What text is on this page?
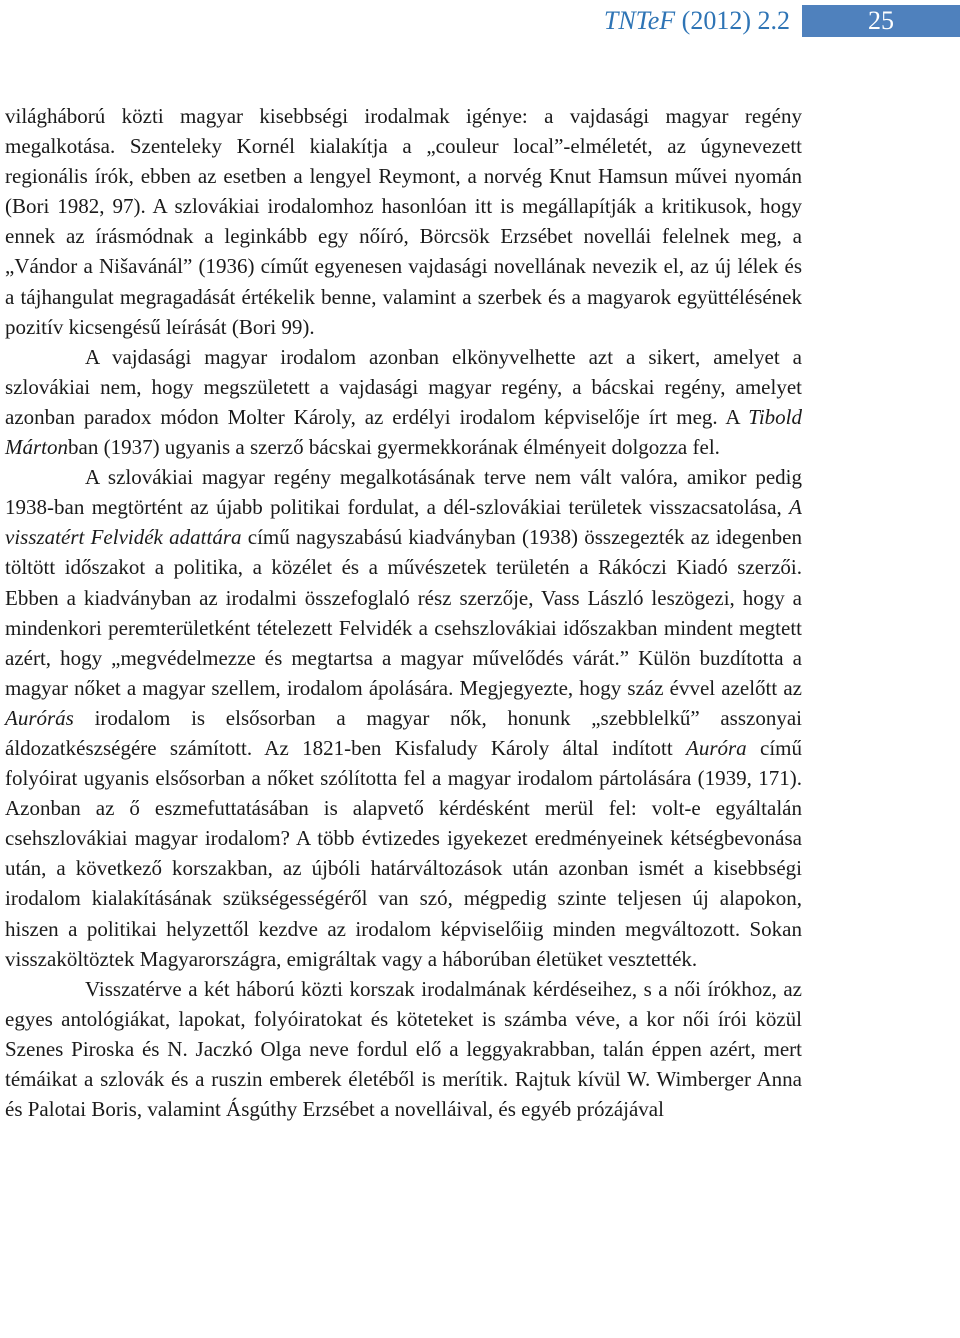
TNTeF (2012) 2.2	25

világháború közti magyar kisebbségi irodalmak igénye: a vajdasági magyar regény megalkotása. Szenteleky Kornél kialakítja a „couleur local”-elméletét, az úgynevezett regionális írók, ebben az esetben a lengyel Reymont, a norvég Knut Hamsun művei nyomán (Bori 1982, 97). A szlovákiai irodalomhoz hasonlóan itt is megállapítják a kritikusok, hogy ennek az írásmódnak a leginkább egy nőíró, Börcsök Erzsébet novellái felelnek meg, a „Vándor a Nišavánál” (1936) címűt egyenesen vajdasági novellának nevezik el, az új lélek és a tájhangulat megragadását értékelik benne, valamint a szerbek és a magyarok együttélésének pozitív kicsengésű leírását (Bori 99).

A vajdasági magyar irodalom azonban elkönyvelhette azt a sikert, amelyet a szlovákiai nem, hogy megszületett a vajdasági magyar regény, a bácskai regény, amelyet azonban paradox módon Molter Károly, az erdélyi irodalom képviselője írt meg. A Tibold Mártonban (1937) ugyanis a szerző bácskai gyermekkorának élményeit dolgozza fel.

A szlovákiai magyar regény megalkotásának terve nem vált valóra, amikor pedig 1938-ban megtörtént az újabb politikai fordulat, a dél-szlovákiai területek visszacsatolása, A visszatért Felvidék adattára című nagyszabású kiadványban (1938) összegezték az idegenben töltött időszakot a politika, a közélet és a művészetek területén a Rákóczi Kiadó szerzői. Ebben a kiadványban az irodalmi összefoglaló rész szerzője, Vass László leszögezi, hogy a mindenkori peremterületként tételezett Felvidék a csehszlovákiai időszakban mindent megtett azért, hogy „megvédelmezze és megtartsa a magyar művelődés várát.” Külön buzdította a magyar nőket a magyar szellem, irodalom ápolására. Megjegyezte, hogy száz évvel azelőtt az Aurórás irodalom is elsősorban a magyar nők, honunk „szebblelkű” asszonyai áldozatkészségére számított. Az 1821-ben Kisfaludy Károly által indított Auróra című folyóirat ugyanis elsősorban a nőket szólította fel a magyar irodalom pártolására (1939, 171). Azonban az ő eszmefuttatásában is alapvető kérdésként merül fel: volt-e egyáltalán csehszlovákiai magyar irodalom? A több évtizedes igyekezet eredményeinek kétségbevonása után, a következő korszakban, az újbóli határváltozások után azonban ismét a kisebbségi irodalom kialakításának szükségességéről van szó, mégpedig szinte teljesen új alapokon, hiszen a politikai helyzettől kezdve az irodalom képviselőiig minden megváltozott. Sokan visszaköltöztek Magyarországra, emigráltak vagy a háborúban életüket vesztették.

Visszatérve a két háború közti korszak irodalmának kérdéseihez, s a női írókhoz, az egyes antológiákat, lapokat, folyóiratokat és köteteket is számba véve, a kor női írói közül Szenes Piroska és N. Jaczkó Olga neve fordul elő a leggyakrabban, talán éppen azért, mert témáikat a szlovák és a ruszin emberek életéből is merítik. Rajtuk kívül W. Wimberger Anna és Palotai Boris, valamint Ásgúthy Erzsébet a novelláival, és egyéb prózájával
